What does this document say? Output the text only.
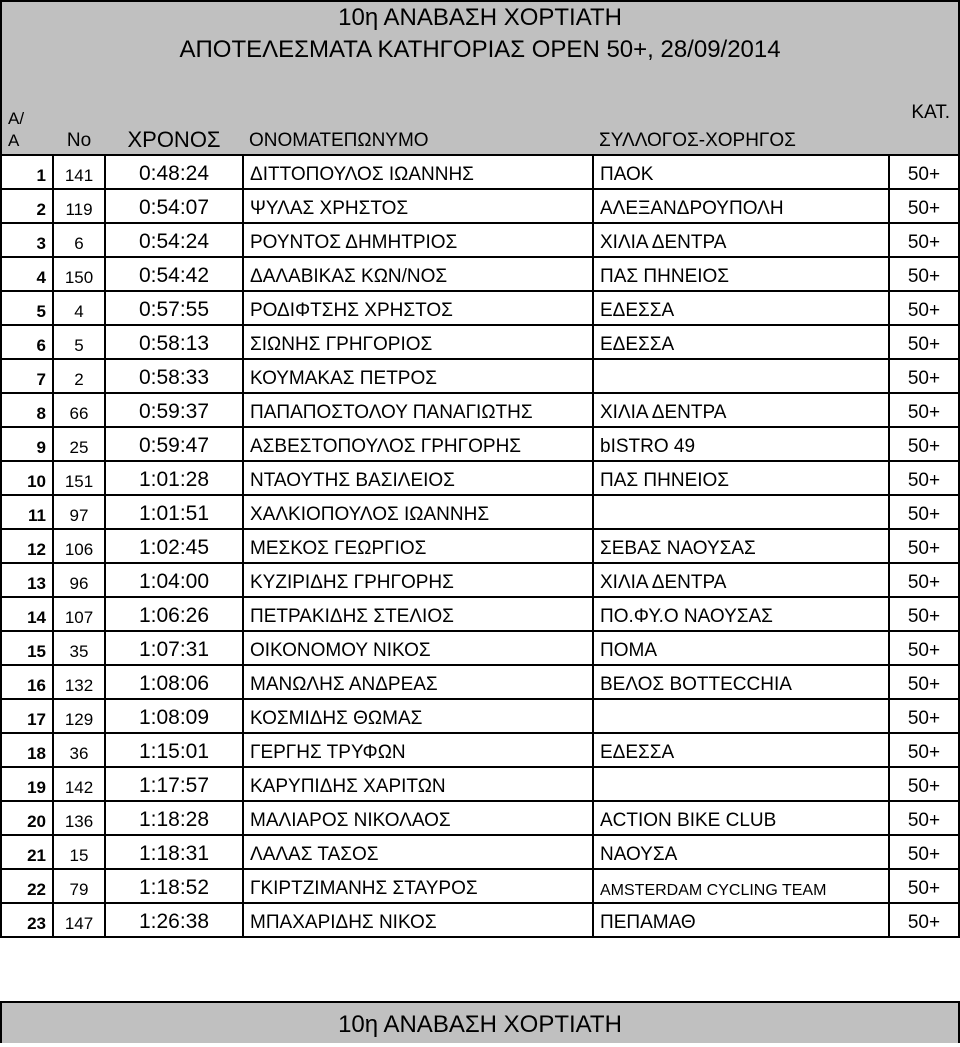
10η ΑΝΑΒΑΣΗ ΧΟΡΤΙΑΤΗ					
ΑΠΟΤΕΛΕΣΜΑΤΑ ΚΑΤΗΓΟΡΙΑΣ OPEN 50+, 28/09/2014					

Α/
Α	No	ΧΡΟΝΟΣ	ΟΝΟΜΑΤΕΠΩΝΥΜΟ	ΣΥΛΛΟΓΟΣ-ΧΟΡΗΓΟΣ	ΚΑΤ.
1	141	0:48:24	ΔΙΤΤΟΠΟΥΛΟΣ ΙΩΑΝΝΗΣ	ΠΑΟΚ	50+
2	119	0:54:07	ΨΥΛΑΣ ΧΡΗΣΤΟΣ	ΑΛΕΞΑΝΔΡΟΥΠΟΛΗ	50+
3	6	0:54:24	ΡΟΥΝΤΟΣ ΔΗΜΗΤΡΙΟΣ	ΧΙΛΙΑ ΔΕΝΤΡΑ	50+
4	150	0:54:42	ΔΑΛΑΒΙΚΑΣ ΚΩΝ/ΝΟΣ	ΠΑΣ ΠΗΝΕΙΟΣ	50+
5	4	0:57:55	ΡΟΔΙΦΤΣΗΣ ΧΡΗΣΤΟΣ	ΕΔΕΣΣΑ	50+
6	5	0:58:13	ΣΙΩΝΗΣ ΓΡΗΓΟΡΙΟΣ	ΕΔΕΣΣΑ	50+
7	2	0:58:33	ΚΟΥΜΑΚΑΣ ΠΕΤΡΟΣ		50+
8	66	0:59:37	ΠΑΠΑΠΟΣΤΟΛΟΥ ΠΑΝΑΓΙΩΤΗΣ	ΧΙΛΙΑ ΔΕΝΤΡΑ	50+
9	25	0:59:47	ΑΣΒΕΣΤΟΠΟΥΛΟΣ ΓΡΗΓΟΡΗΣ	bISTRO 49	50+
10	151	1:01:28	ΝΤΑΟΥΤΗΣ ΒΑΣΙΛΕΙΟΣ	ΠΑΣ ΠΗΝΕΙΟΣ	50+
11	97	1:01:51	ΧΑΛΚΙΟΠΟΥΛΟΣ ΙΩΑΝΝΗΣ		50+
12	106	1:02:45	ΜΕΣΚΟΣ ΓΕΩΡΓΙΟΣ	ΣΕΒΑΣ ΝΑΟΥΣΑΣ	50+
13	96	1:04:00	ΚΥΖΙΡΙΔΗΣ ΓΡΗΓΟΡΗΣ	ΧΙΛΙΑ ΔΕΝΤΡΑ	50+
14	107	1:06:26	ΠΕΤΡΑΚΙΔΗΣ ΣΤΕΛΙΟΣ	ΠΟ.ΦΥ.Ο ΝΑΟΥΣΑΣ	50+
15	35	1:07:31	ΟΙΚΟΝΟΜΟΥ ΝΙΚΟΣ	ΠΟΜΑ	50+
16	132	1:08:06	ΜΑΝΩΛΗΣ ΑΝΔΡΕΑΣ	ΒΕΛΟΣ BOTTECCHIA	50+
17	129	1:08:09	ΚΟΣΜΙΔΗΣ ΘΩΜΑΣ		50+
18	36	1:15:01	ΓΕΡΓΗΣ ΤΡΥΦΩΝ	ΕΔΕΣΣΑ	50+
19	142	1:17:57	ΚΑΡΥΠΙΔΗΣ ΧΑΡΙΤΩΝ		50+
20	136	1:18:28	ΜΑΛΙΑΡΟΣ ΝΙΚΟΛΑΟΣ	ACTION BIKE CLUB	50+
21	15	1:18:31	ΛΑΛΑΣ ΤΑΣΟΣ	ΝΑΟΥΣΑ	50+
22	79	1:18:52	ΓΚΙΡΤΖΙΜΑΝΗΣ ΣΤΑΥΡΟΣ	AMSTERDAM CYCLING TEAM	50+
23	147	1:26:38	ΜΠΑΧΑΡΙΔΗΣ ΝΙΚΟΣ	ΠΕΠΑΜΑΘ	50+
10η ΑΝΑΒΑΣΗ ΧΟΡΤΙΑΤΗ
